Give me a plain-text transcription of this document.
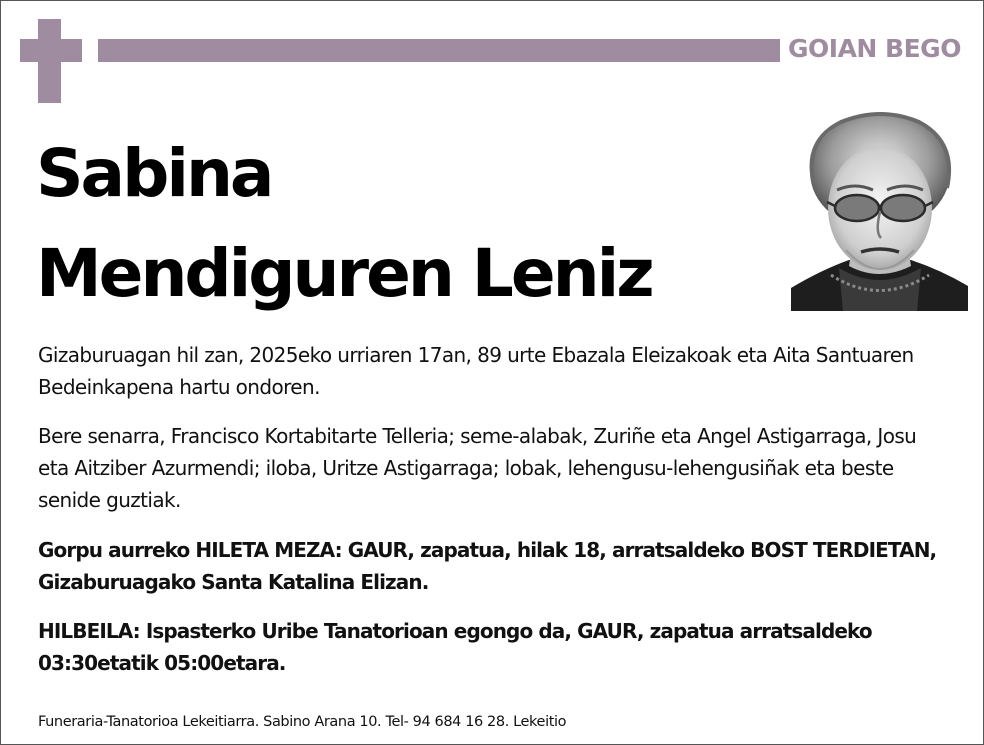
GOIAN BEGO
Sabina
Mendiguren Leniz
Gizaburuagan hil zan, 2025eko urriaren 17an, 89 urte Ebazala Eleizakoak eta Aita Santuaren Bedeinkapena hartu ondoren.
Bere senarra, Francisco Kortabitarte Telleria; seme-alabak, Zuriñe eta Angel Astigarraga, Josu eta Aitziber Azurmendi; iloba, Uritze Astigarraga; lobak, lehengusu-lehengusiñak eta beste senide guztiak.
Gorpu aurreko HILETA MEZA: GAUR, zapatua, hilak 18, arratsaldeko BOST TERDIETAN, Gizaburuagako Santa Katalina Elizan.
HILBEILA: Ispasterko Uribe Tanatorioan egongo da, GAUR, zapatua arratsaldeko 03:30etatik 05:00etara.
Funeraria-Tanatorioa Lekeitiarra. Sabino Arana 10. Tel- 94 684 16 28. Lekeitio
